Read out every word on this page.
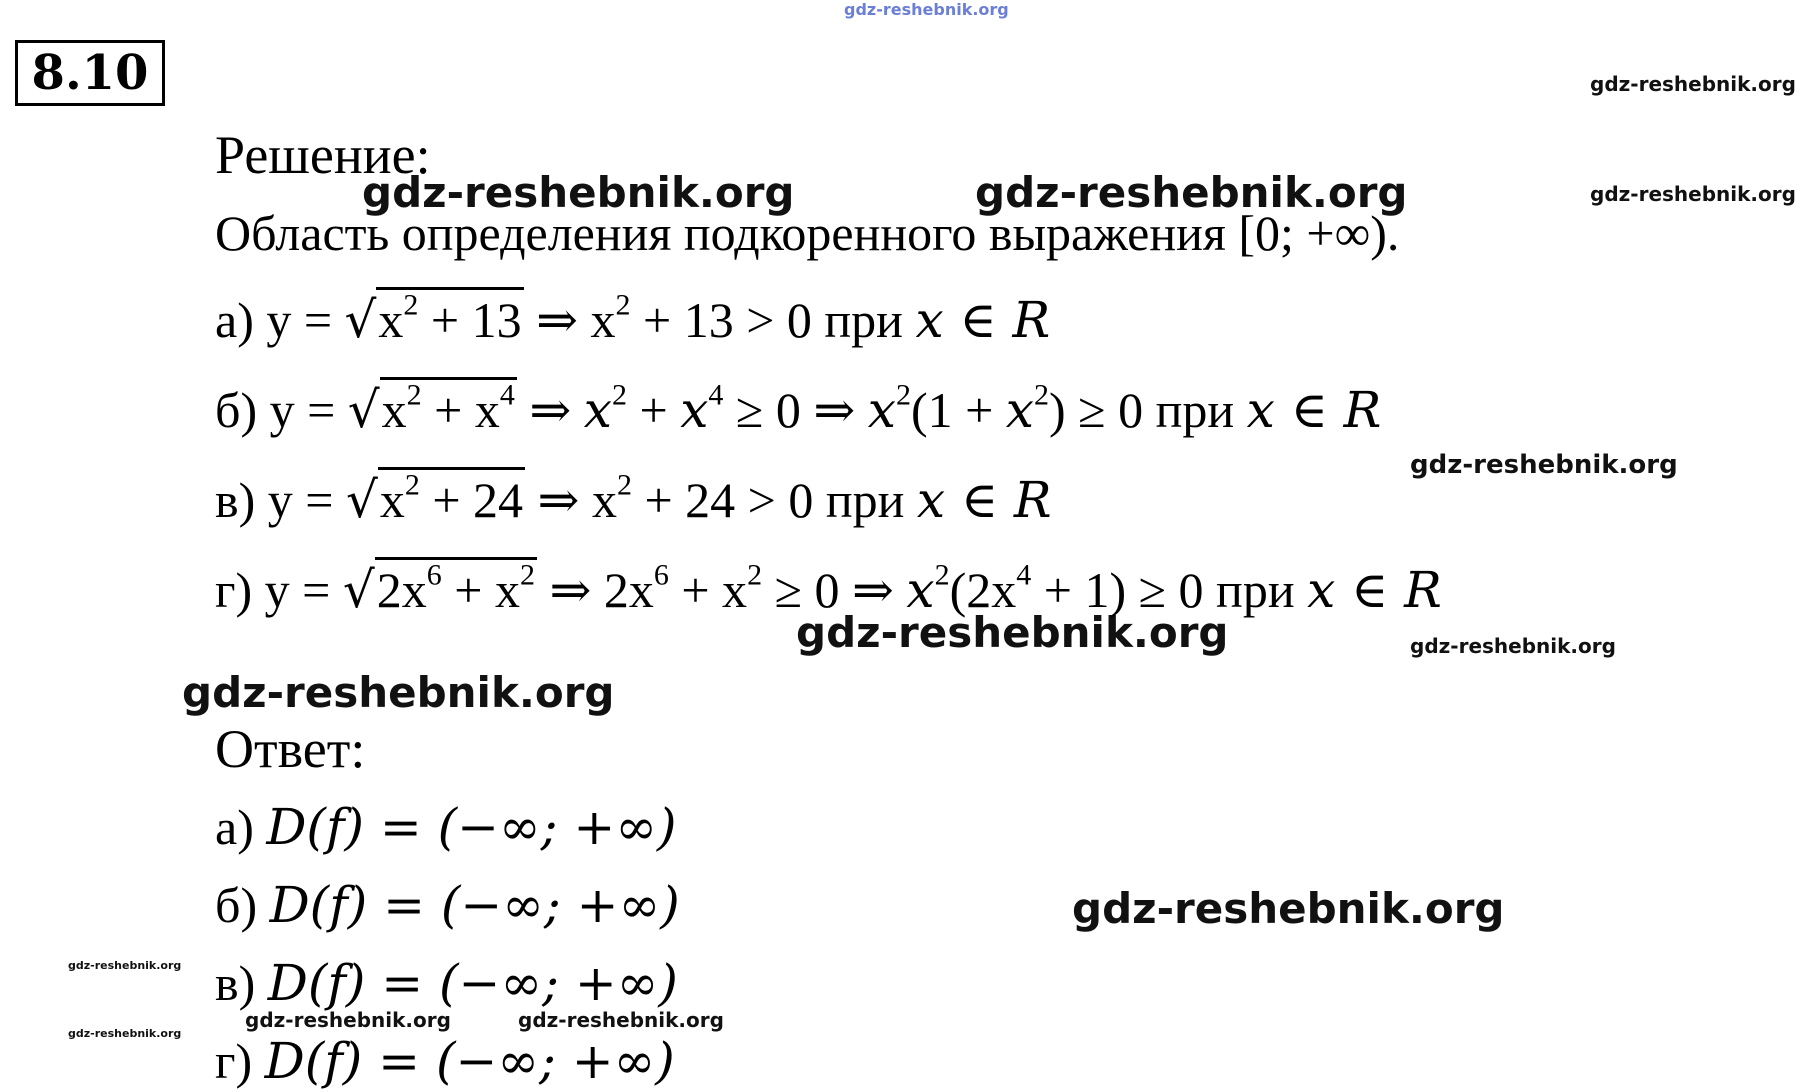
gdz-reshebnik.org
gdz-reshebnik.org
gdz-reshebnik.org
gdz-reshebnik.org	gdz-reshebnik.org
gdz-reshebnik.org
gdz-reshebnik.org	gdz-reshebnik.org
gdz-reshebnik.org
gdz-reshebnik.org
gdz-reshebnik.org
gdz-reshebnik.org
gdz-reshebnik.org	gdz-reshebnik.org
8.10
Решение:
Область определения подкоренного выражения [0; +∞).
а) $y = √x^2 + 13$ ⇒ $x^2 + 13 > 0$ при x ∈ R
б) $y = √x^2 + x^4$ ⇒ $x^2 + x^4 \ge 0$ ⇒ $x^2(1 + x^2) \ge 0$ при x ∈ R
в) $y = √x^2 + 24$ ⇒ $x^2 + 24 > 0$ при x ∈ R
г) $y = √2x^6 + x^2$ ⇒ $2x^6 + x^2 \ge 0$ ⇒ $x^2(2x^4 + 1) \ge 0$ при x ∈ R
Ответ:
а) D(f) = (−∞; +∞)
б) D(f) = (−∞; +∞)
в) D(f) = (−∞; +∞)
г) D(f) = (−∞; +∞)
